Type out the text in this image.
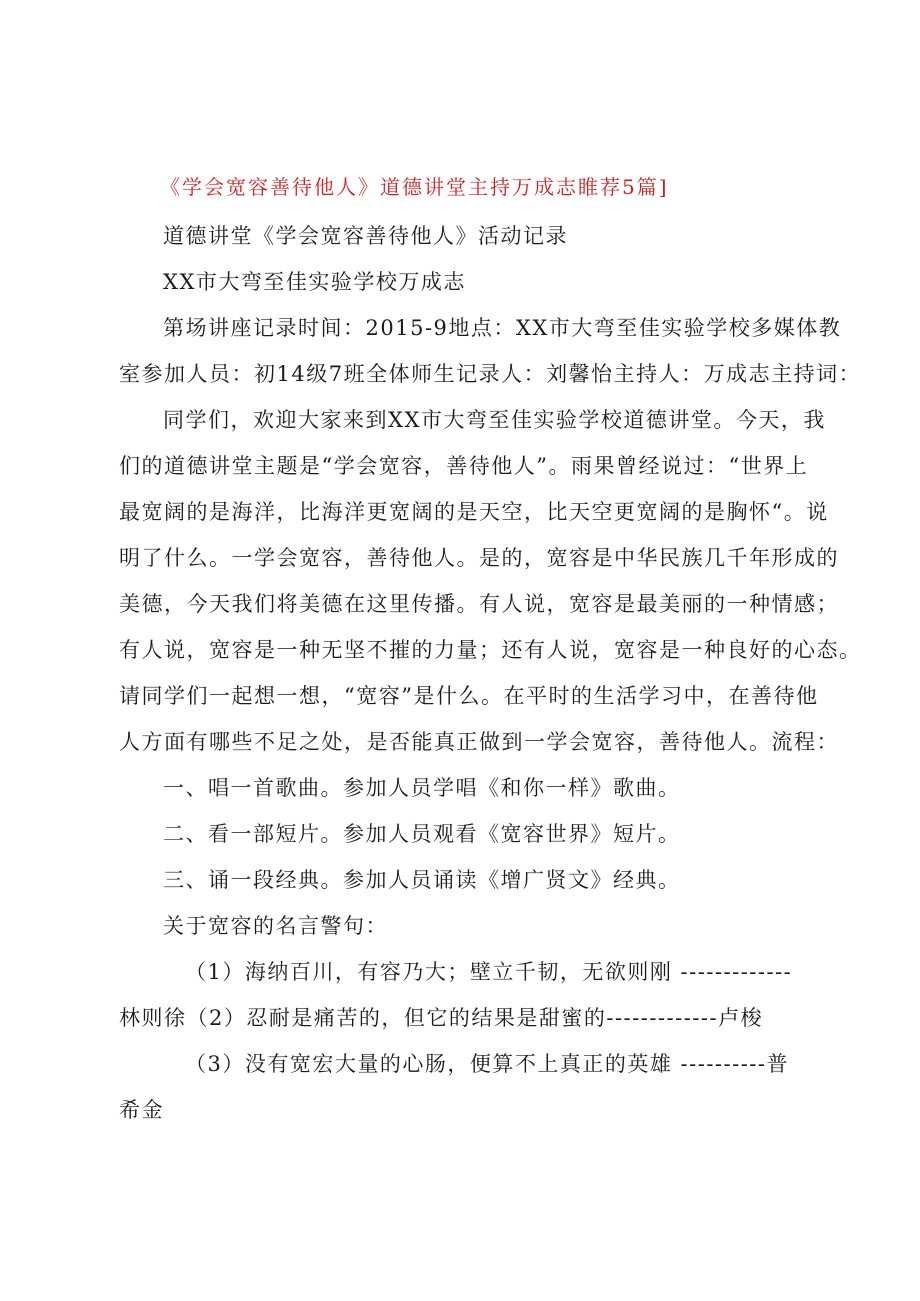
《学会宽容善待他人》道德讲堂主持万成志睢荐5篇]
道德讲堂《学会宽容善待他人》活动记录
XX市大弯至佳实验学校万成志
第场讲座记录时间：2015-9地点：XX市大弯至佳实验学校多媒体教
室参加人员：初14级7班全体师生记录人：刘馨怡主持人：万成志主持词：
同学们，欢迎大家来到XX市大弯至佳实验学校道德讲堂。今天，我
们的道德讲堂主题是“学会宽容，善待他人”。雨果曾经说过：“世界上
最宽阔的是海洋，比海洋更宽阔的是天空，比天空更宽阔的是胸怀“。说
明了什么。一学会宽容，善待他人。是的，宽容是中华民族几千年形成的
美德，今天我们将美德在这里传播。有人说，宽容是最美丽的一种情感；
有人说，宽容是一种无坚不摧的力量；还有人说，宽容是一种良好的心态。
请同学们一起想一想，“宽容”是什么。在平时的生活学习中，在善待他
人方面有哪些不足之处，是否能真正做到一学会宽容，善待他人。流程：
一、唱一首歌曲。参加人员学唱《和你一样》歌曲。
二、看一部短片。参加人员观看《宽容世界》短片。
三、诵一段经典。参加人员诵读《增广贤文》经典。
关于宽容的名言警句：
（1）海纳百川，有容乃大；壁立千韧，无欲则刚 -------------
林则徐（2）忍耐是痛苦的，但它的结果是甜蜜的-------------卢梭
（3）没有宽宏大量的心肠，便算不上真正的英雄 ----------普
希金
